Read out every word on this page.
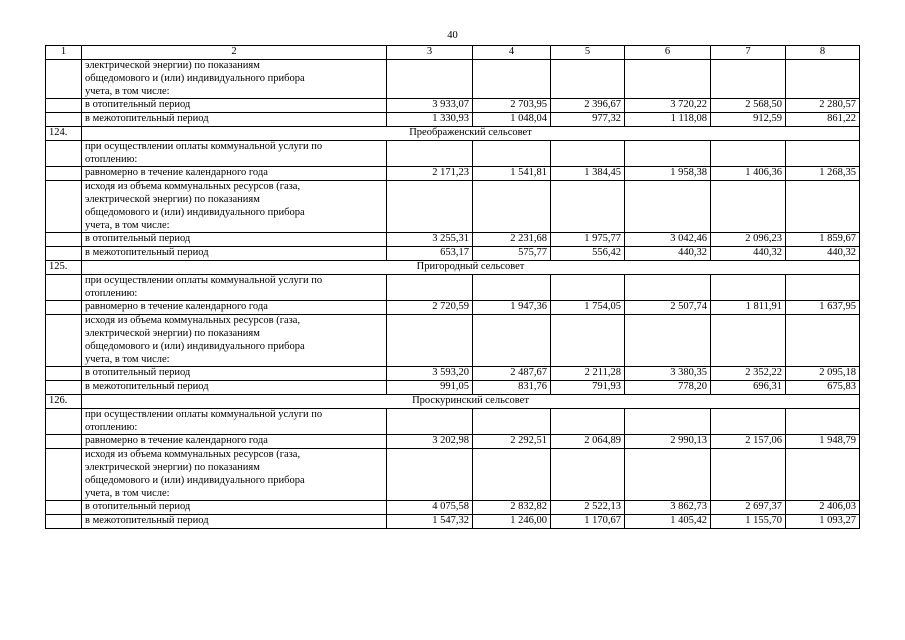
40
1	2	3	4	5	6	7	8

	электрической энергии) по показаниям
общедомового и (или) индивидуального прибора
учета, в том числе:						

	в отопительный период	3 933,07	2 703,95	2 396,67	3 720,22	2 568,50	2 280,57
	в межотопительный период	1 330,93	1 048,04	977,32	1 118,08	912,59	861,22
124.	Преображенский сельсовет						

	при осуществлении оплаты коммунальной услуги по
отоплению:						

	равномерно в течение календарного года	2 171,23	1 541,81	1 384,45	1 958,38	1 406,36	1 268,35

	исходя из объема коммунальных ресурсов (газа,
электрической энергии) по показаниям
общедомового и (или) индивидуального прибора
учета, в том числе:						

	в отопительный период	3 255,31	2 231,68	1 975,77	3 042,46	2 096,23	1 859,67
	в межотопительный период	653,17	575,77	556,42	440,32	440,32	440,32
125.	Пригородный сельсовет						

	при осуществлении оплаты коммунальной услуги по
отоплению:						

	равномерно в течение календарного года	2 720,59	1 947,36	1 754,05	2 507,74	1 811,91	1 637,95

	исходя из объема коммунальных ресурсов (газа,
электрической энергии) по показаниям
общедомового и (или) индивидуального прибора
учета, в том числе:						

	в отопительный период	3 593,20	2 487,67	2 211,28	3 380,35	2 352,22	2 095,18
	в межотопительный период	991,05	831,76	791,93	778,20	696,31	675,83
126.	Проскуринский сельсовет						

	при осуществлении оплаты коммунальной услуги по
отоплению:						

	равномерно в течение календарного года	3 202,98	2 292,51	2 064,89	2 990,13	2 157,06	1 948,79

	исходя из объема коммунальных ресурсов (газа,
электрической энергии) по показаниям
общедомового и (или) индивидуального прибора
учета, в том числе:						

	в отопительный период	4 075,58	2 832,82	2 522,13	3 862,73	2 697,37	2 406,03
	в межотопительный период	1 547,32	1 246,00	1 170,67	1 405,42	1 155,70	1 093,27
